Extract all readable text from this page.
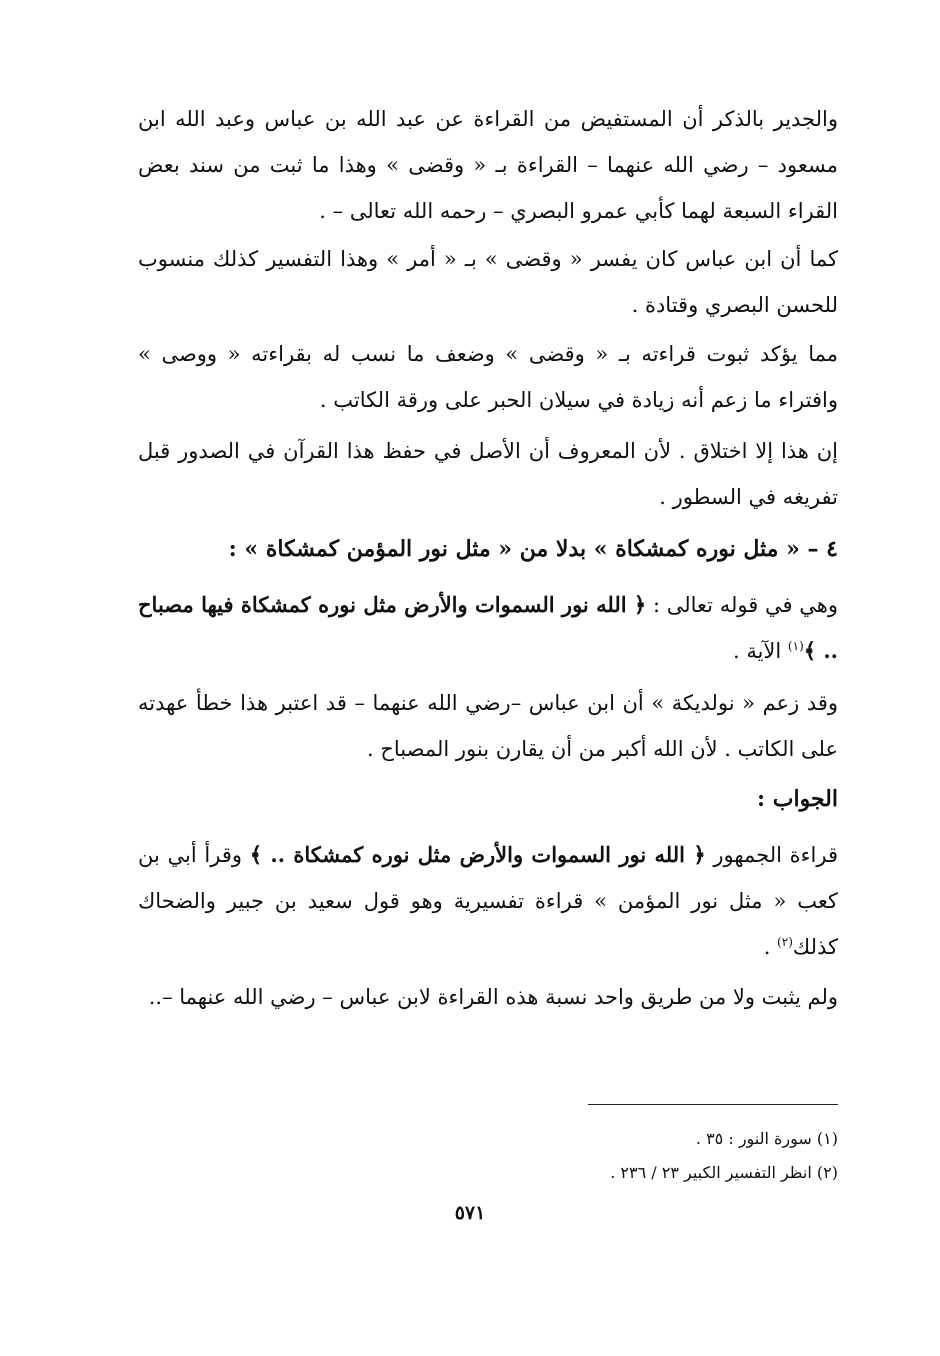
والجدير بالذكر أن المستفيض من القراءة عن عبد الله بن عباس وعبد الله ابن مسعود – رضي الله عنهما – القراءة بـ « وقضى » وهذا ما ثبت من سند بعض القراء السبعة لهما كأبي عمرو البصري – رحمه الله تعالى – .
كما أن ابن عباس كان يفسر « وقضى » بـ « أمر » وهذا التفسير كذلك منسوب للحسن البصري وقتادة .
مما يؤكد ثبوت قراءته بـ « وقضى » وضعف ما نسب له بقراءته « ووصى » وافتراء ما زعم أنه زيادة في سيلان الحبر على ورقة الكاتب .
إن هذا إلا اختلاق . لأن المعروف أن الأصل في حفظ هذا القرآن في الصدور قبل تفريغه في السطور .
٤ – « مثل نوره كمشكاة » بدلا من « مثل نور المؤمن كمشكاة » :
وهي في قوله تعالى : ﴿ الله نور السموات والأرض مثل نوره كمشكاة فيها مصباح .. ﴾$^{(١)}$ الآية .
وقد زعم « نولديكة » أن ابن عباس –رضي الله عنهما – قد اعتبر هذا خطأ عهدته على الكاتب . لأن الله أكبر من أن يقارن بنور المصباح .
الجواب :
قراءة الجمهور ﴿ الله نور السموات والأرض مثل نوره كمشكاة .. ﴾ وقرأ أبي بن كعب « مثل نور المؤمن » قراءة تفسيرية وهو قول سعيد بن جبير والضحاك كذلك$^{(٢)}$ .
ولم يثبت ولا من طريق واحد نسبة هذه القراءة لابن عباس – رضي الله عنهما –..
(١) سورة النور : ٣٥ .
(٢) انظر التفسير الكبير ٢٣ / ٢٣٦ .
٥٧١
